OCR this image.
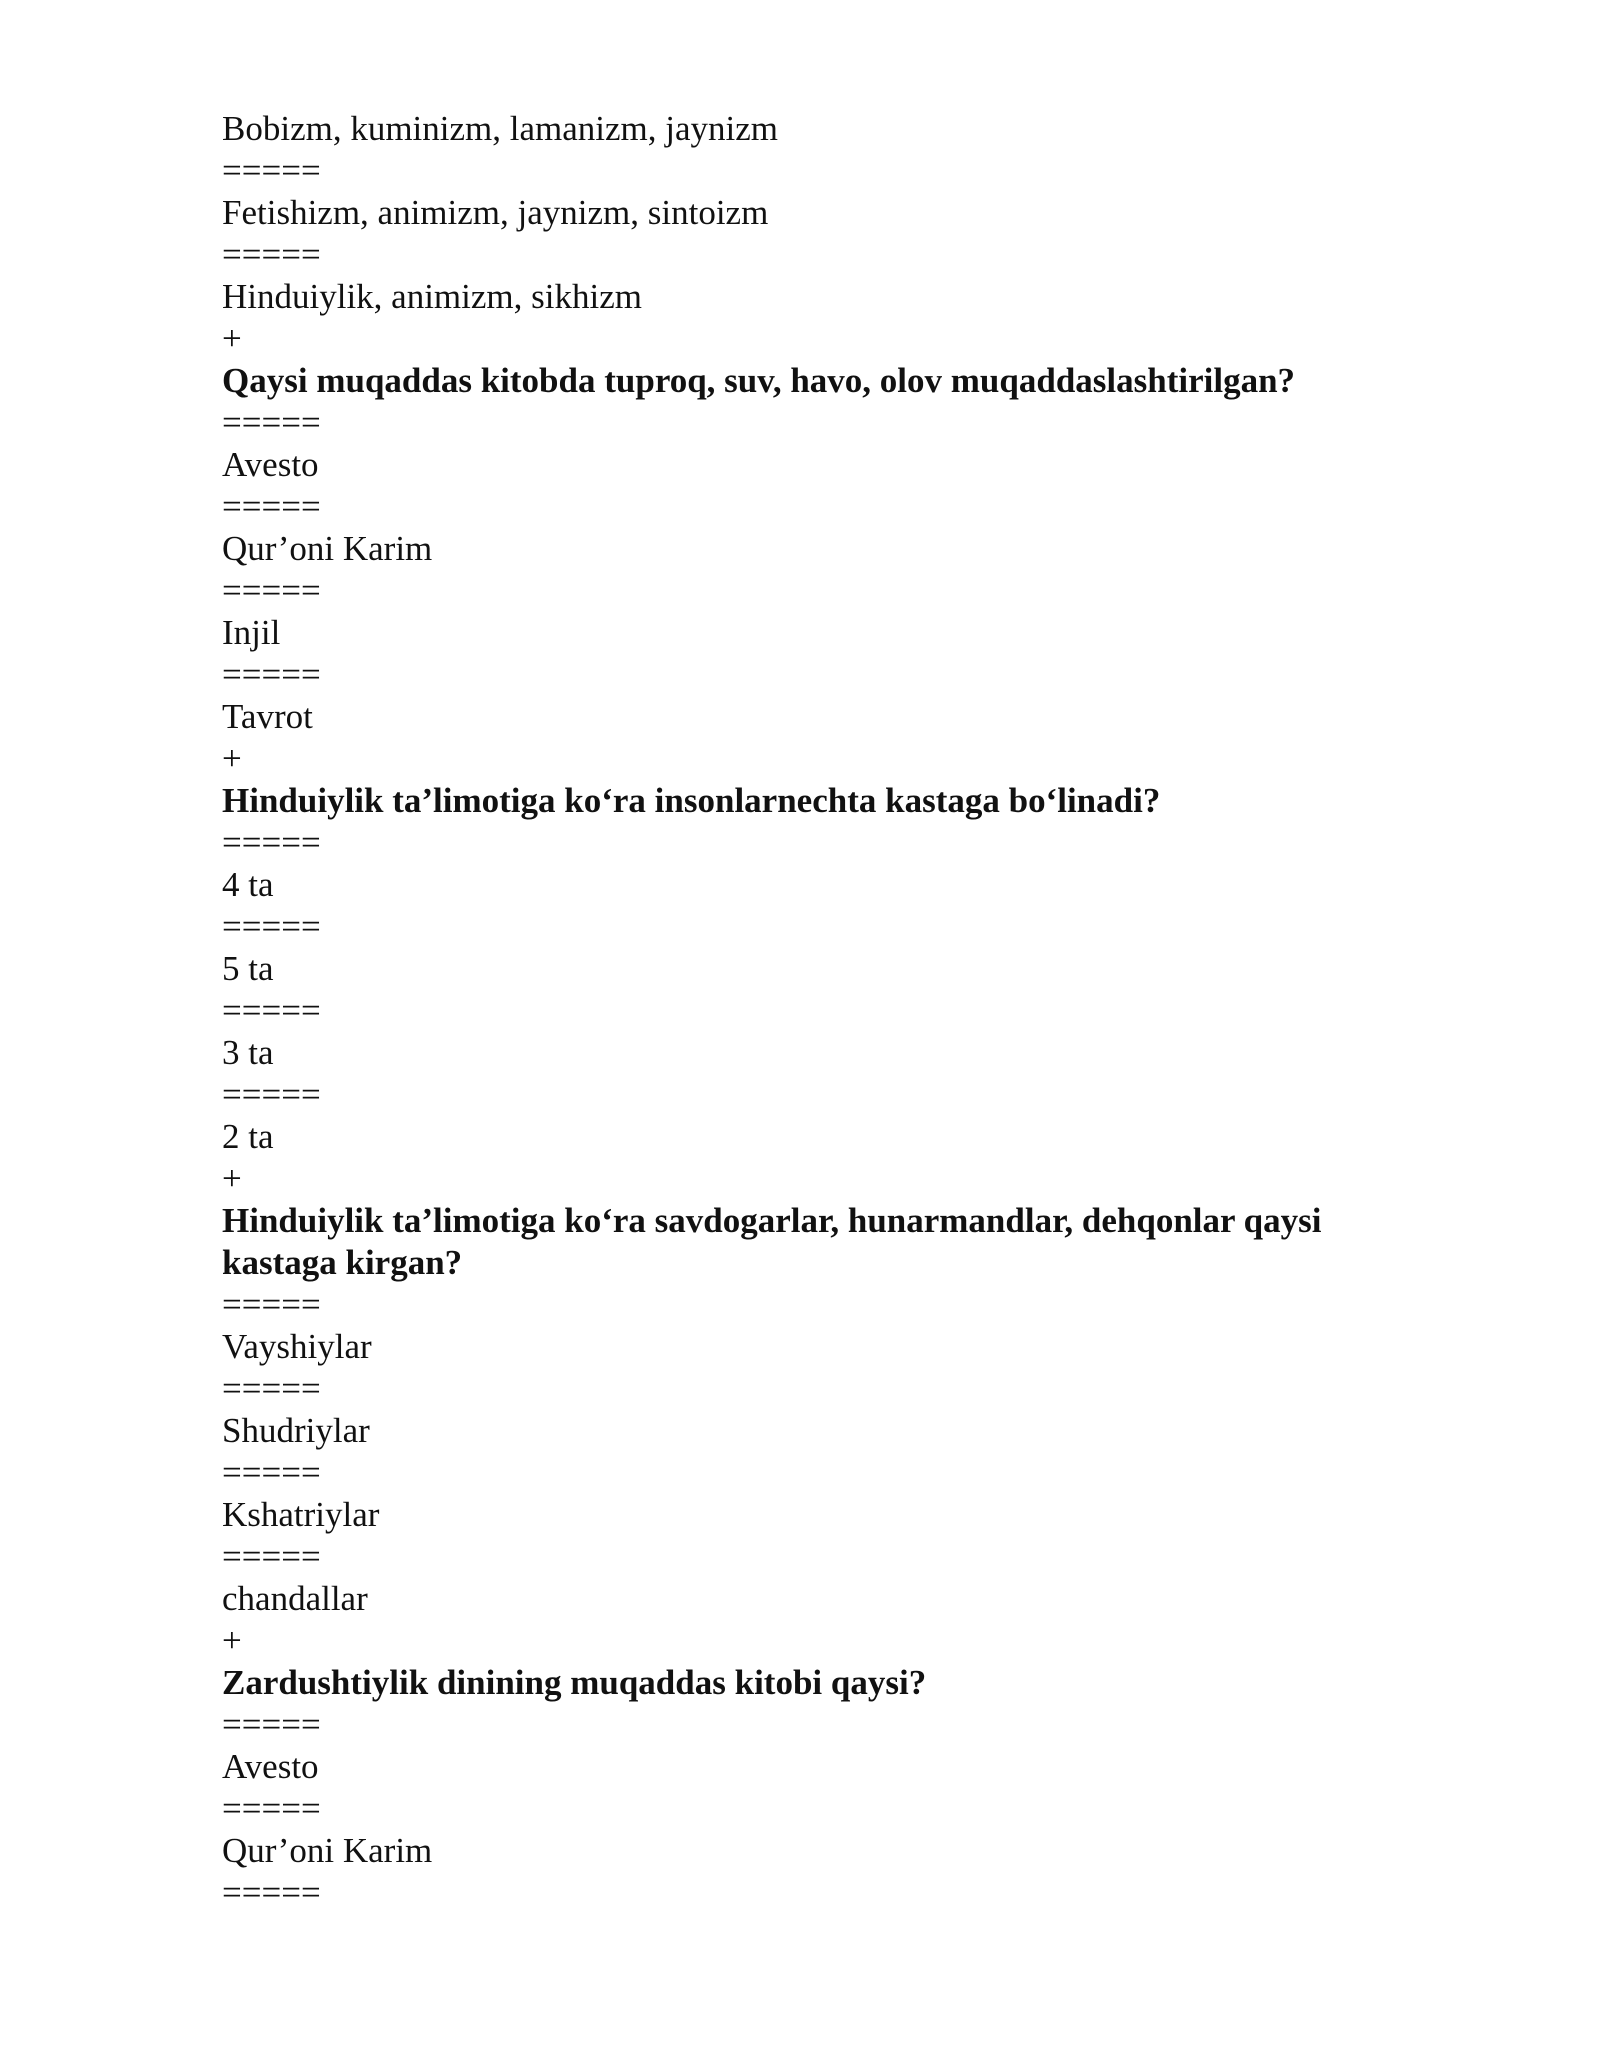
Bobizm, kuminizm, lamanizm, jaynizm
=====
Fetishizm, animizm, jaynizm, sintoizm
=====
Hinduiylik, animizm, sikhizm
+
Qaysi muqaddas kitobda tuproq, suv, havo, olov muqaddaslashtirilgan?
=====
Avesto
=====
Qur’oni Karim
=====
Injil
=====
Tavrot
+
Hinduiylik ta’limotiga ko‘ra insonlarnechta kastaga bo‘linadi?
=====
4 ta
=====
5 ta
=====
3 ta
=====
2 ta
+
Hinduiylik ta’limotiga ko‘ra savdogarlar, hunarmandlar, dehqonlar qaysi kastaga kirgan?
=====
Vayshiylar
=====
Shudriylar
=====
Kshatriylar
=====
chandallar
+
Zardushtiylik dinining muqaddas kitobi qaysi?
=====
Avesto
=====
Qur’oni Karim
=====
